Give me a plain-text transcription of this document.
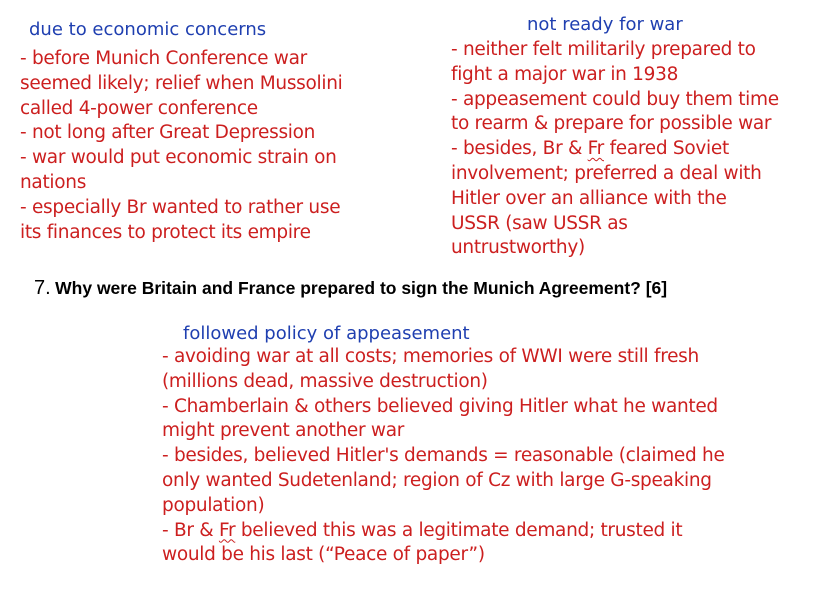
due to economic concerns
- before Munich Conference war
seemed likely; relief when Mussolini
called 4-power conference
- not long after Great Depression
- war would put economic strain on
nations
- especially Br wanted to rather use
its finances to protect its empire
not ready for war
- neither felt militarily prepared to
fight a major war in 1938
- appeasement could buy them time
to rearm & prepare for possible war
- besides, Br & Fr feared Soviet
involvement; preferred a deal with
Hitler over an alliance with the
USSR (saw USSR as
untrustworthy)
7. Why were Britain and France prepared to sign the Munich Agreement? [6]
followed policy of appeasement
- avoiding war at all costs; memories of WWI were still fresh
(millions dead, massive destruction)
- Chamberlain & others believed giving Hitler what he wanted
might prevent another war
- besides, believed Hitler's demands = reasonable (claimed he
only wanted Sudetenland; region of Cz with large G-speaking
population)
- Br & Fr believed this was a legitimate demand; trusted it
would be his last (“Peace of paper”)
